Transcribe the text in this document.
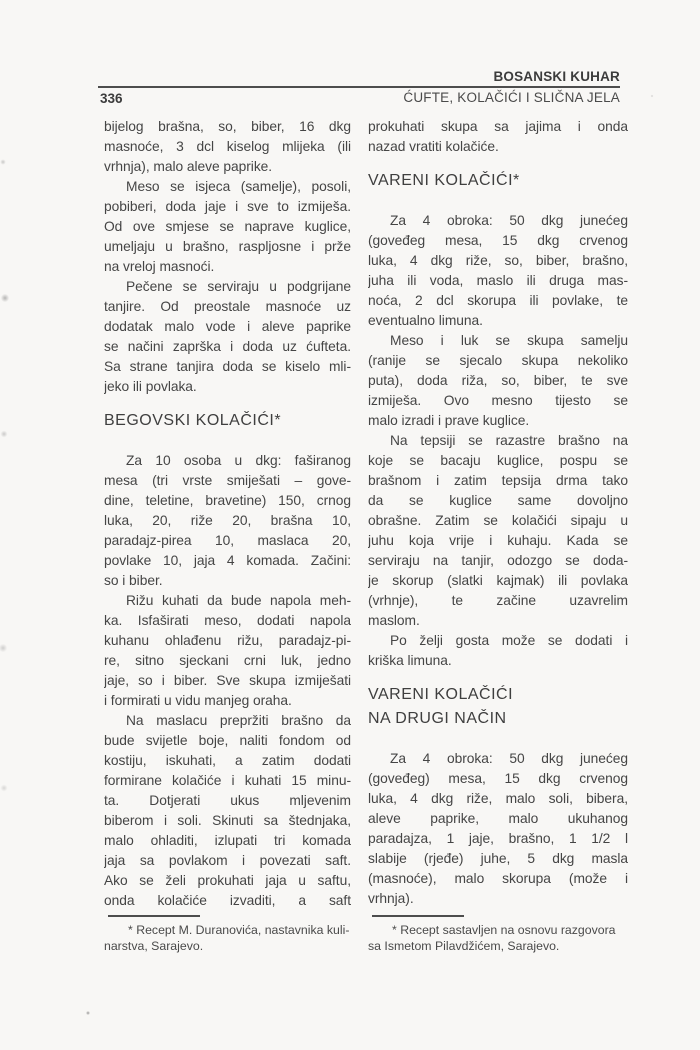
BOSANSKI KUHAR
336	ĆUFTE, KOLAČIĆI I SLIČNA JELA
bijelog brašna, so, biber, 16 dkg
masnoće, 3 dcl kiselog mlijeka (ili
vrhnja), malo aleve paprike.
Meso se isjeca (samelje), posoli,
pobiberi, doda jaje i sve to izmiješa.
Od ove smjese se naprave kuglice,
umeljaju u brašno, raspljosne i prže
na vreloj masnoći.
Pečene se serviraju u podgrijane
tanjire. Od preostale masnoće uz
dodatak malo vode i aleve paprike
se načini zaprška i doda uz ćufteta.
Sa strane tanjira doda se kiselo mli-
jeko ili povlaka.
BEGOVSKI KOLAČIĆI*
Za 10 osoba u dkg: faširanog
mesa (tri vrste smiješati – gove-
dine, teletine, bravetine) 150, crnog
luka, 20, riže 20, brašna 10,
paradajz-pirea 10, maslaca 20,
povlake 10, jaja 4 komada. Začini:
so i biber.
Rižu kuhati da bude napola meh-
ka. Isfaširati meso, dodati napola
kuhanu ohlađenu rižu, paradajz-pi-
re, sitno sjeckani crni luk, jedno
jaje, so i biber. Sve skupa izmiješati
i formirati u vidu manjeg oraha.
Na maslacu prepržiti brašno da
bude svijetle boje, naliti fondom od
kostiju, iskuhati, a zatim dodati
formirane kolačiće i kuhati 15 minu-
ta. Dotjerati ukus mljevenim
biberom i soli. Skinuti sa štednjaka,
malo ohladiti, izlupati tri komada
jaja sa povlakom i povezati saft.
Ako se želi prokuhati jaja u saftu,
onda kolačiće izvaditi, a saft
* Recept M. Duranovića, nastavnika kuli-
narstva, Sarajevo.
prokuhati skupa sa jajima i onda
nazad vratiti kolačiće.
VARENI KOLAČIĆI*
Za 4 obroka: 50 dkg junećeg
(goveđeg mesa, 15 dkg crvenog
luka, 4 dkg riže, so, biber, brašno,
juha ili voda, maslo ili druga mas-
noća, 2 dcl skorupa ili povlake, te
eventualno limuna.
Meso i luk se skupa samelju
(ranije se sjecalo skupa nekoliko
puta), doda riža, so, biber, te sve
izmiješa. Ovo mesno tijesto se
malo izradi i prave kuglice.
Na tepsiji se razastre brašno na
koje se bacaju kuglice, pospu se
brašnom i zatim tepsija drma tako
da se kuglice same dovoljno
obrašne. Zatim se kolačići sipaju u
juhu koja vrije i kuhaju. Kada se
serviraju na tanjir, odozgo se doda-
je skorup (slatki kajmak) ili povlaka
(vrhnje), te začine uzavrelim
maslom.
Po želji gosta može se dodati i
kriška limuna.
VARENI KOLAČIĆI
NA DRUGI NAČIN
Za 4 obroka: 50 dkg junećeg
(goveđeg) mesa, 15 dkg crvenog
luka, 4 dkg riže, malo soli, bibera,
aleve paprike, malo ukuhanog
paradajza, 1 jaje, brašno, 1 1/2 l
slabije (rjeđe) juhe, 5 dkg masla
(masnoće), malo skorupa (može i
vrhnja).
* Recept sastavljen na osnovu razgovora
sa Ismetom Pilavdžićem, Sarajevo.
